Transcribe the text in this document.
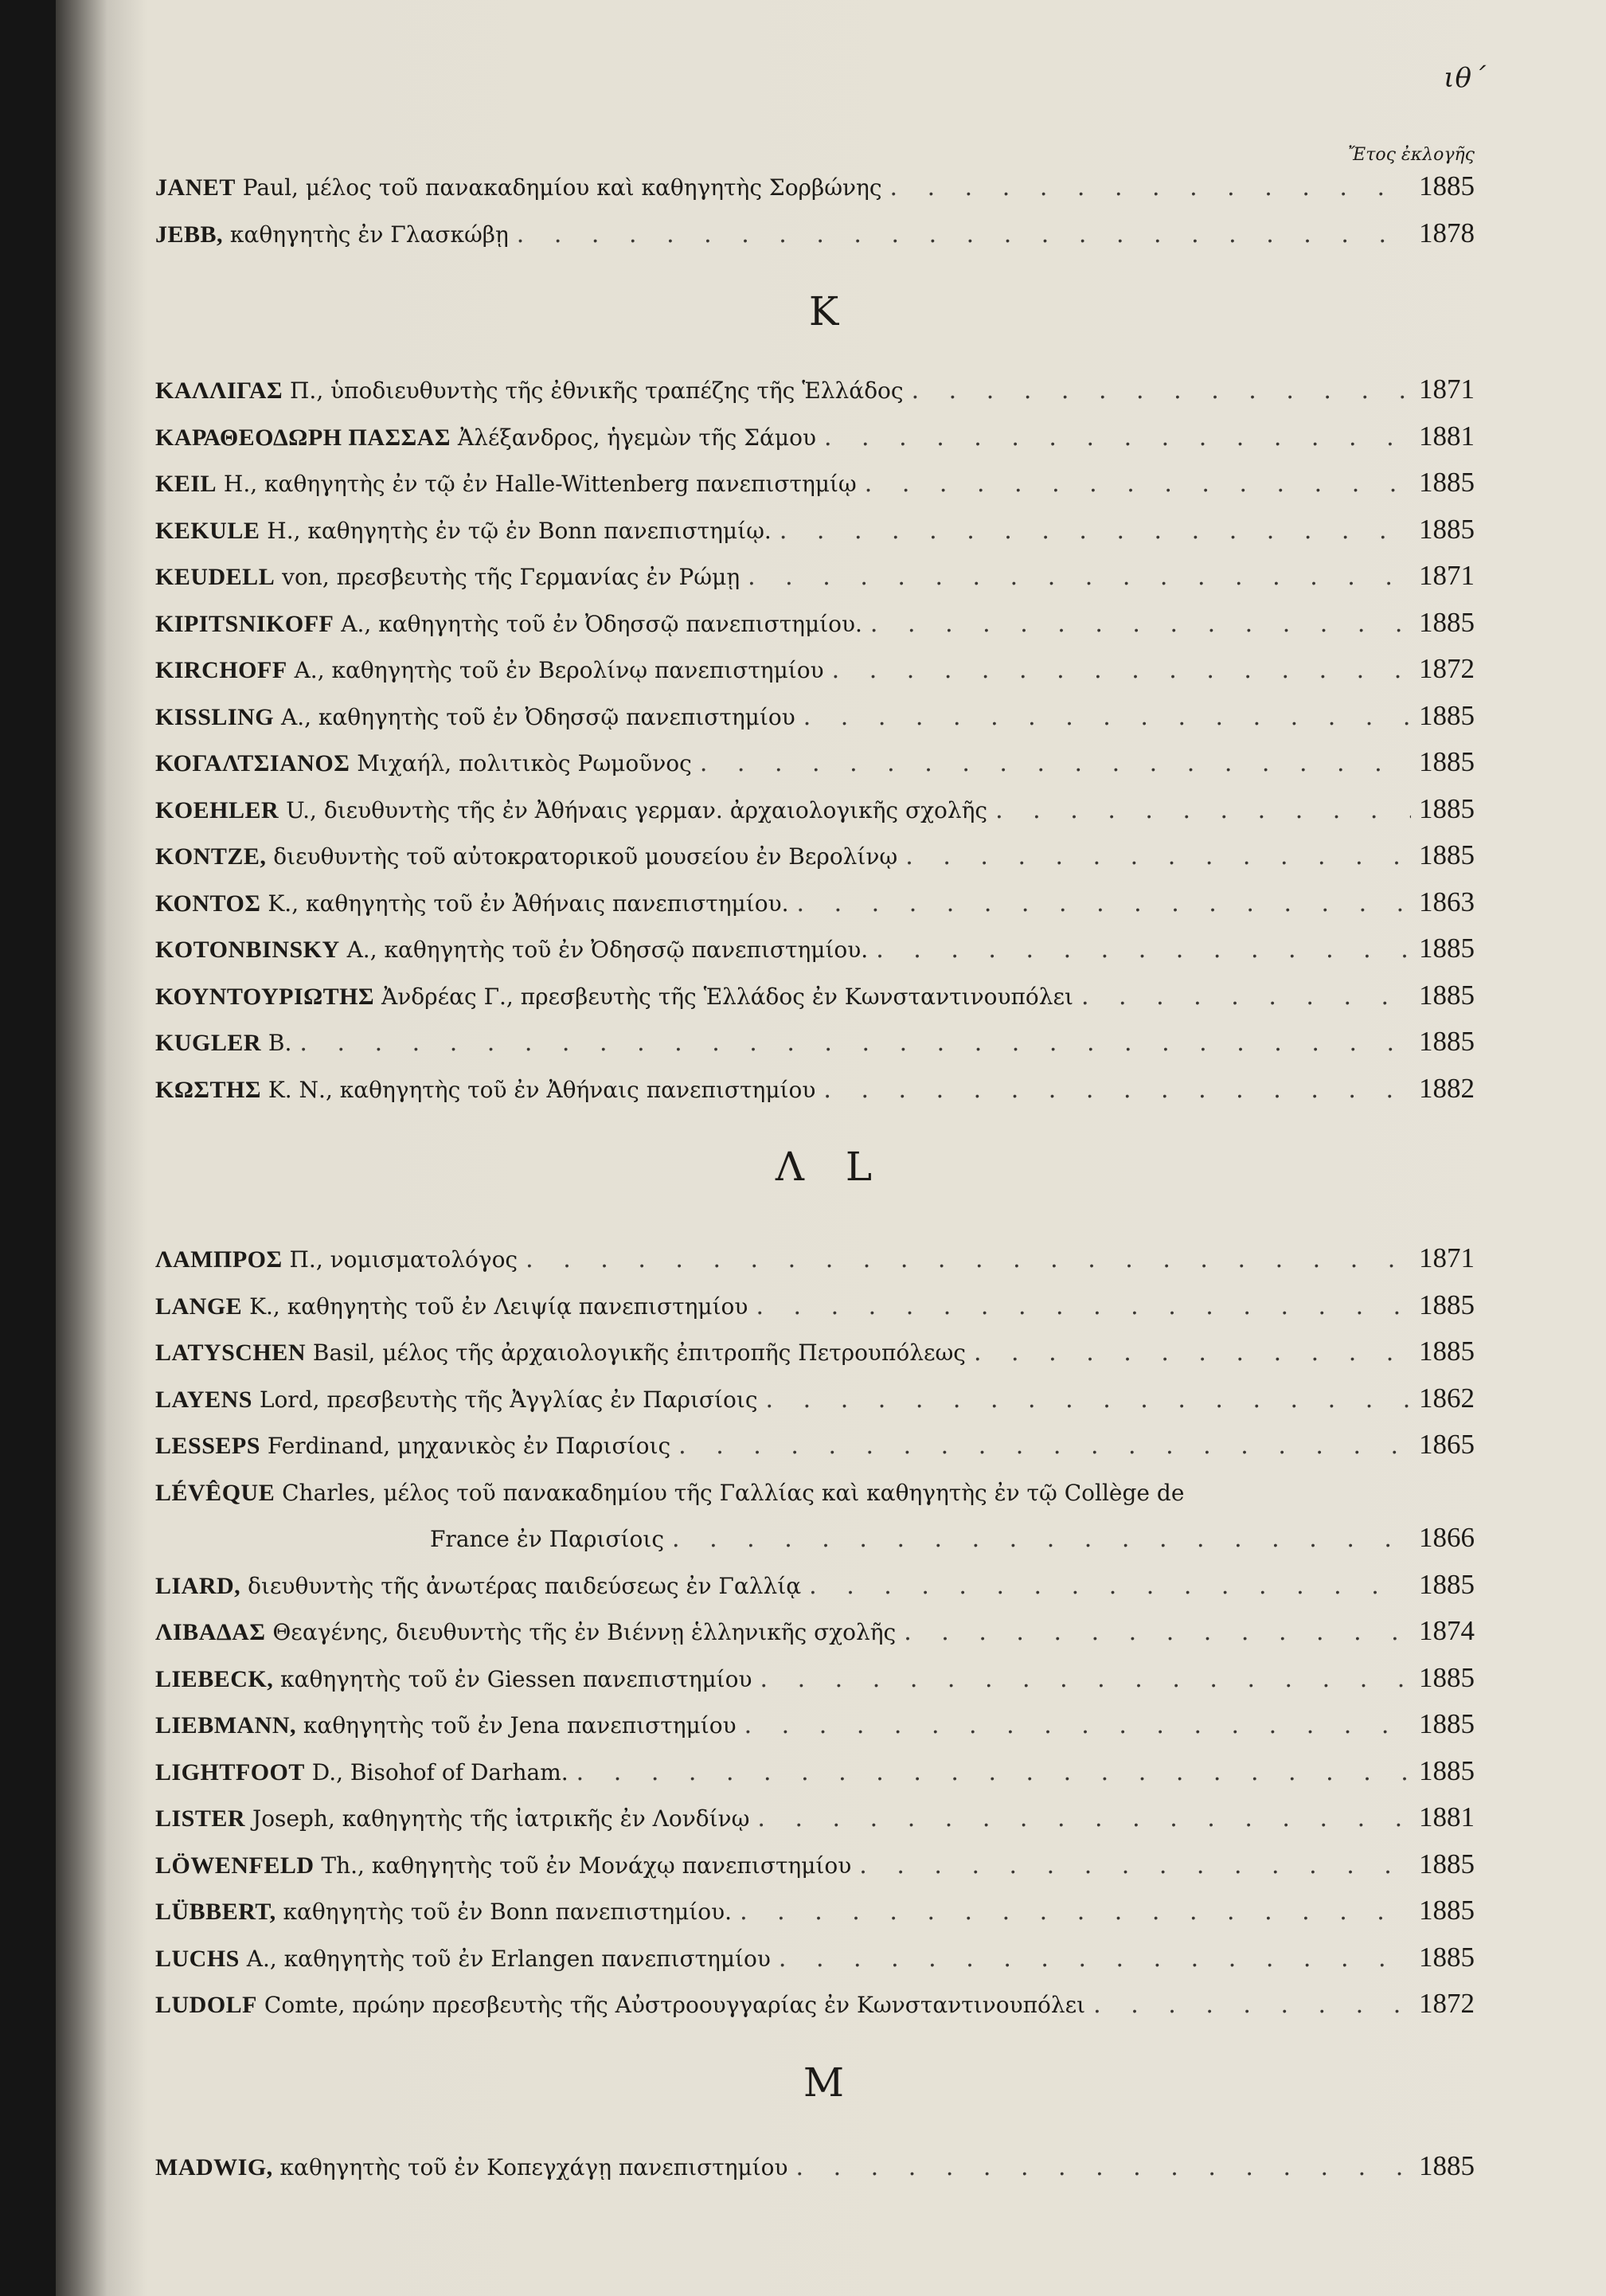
ιθ΄
Ἔτος ἐκλογῆς
JANET Paul, μέλος τοῦ πανακαδημίου καὶ καθηγητὴς Σορβώνης . . .	1885
JEBB, καθηγητὴς ἐν Γλασκώβῃ . . .	1878
K
ΚΑΛΛΙΓΑΣ Π., ὑποδιευθυντὴς τῆς ἐθνικῆς τραπέζης τῆς Ἑλλάδος . . .	1871
ΚΑΡΑΘΕΟΔΩΡΗ ΠΑΣΣΑΣ Ἀλέξανδρος, ἡγεμὼν τῆς Σάμου . . .	1881
KEIL H., καθηγητὴς ἐν τῷ ἐν Halle-Wittenberg πανεπιστημίῳ . . .	1885
KEKULE H., καθηγητὴς ἐν τῷ ἐν Bonn πανεπιστημίῳ. . . .	1885
KEUDELL von, πρεσβευτὴς τῆς Γερμανίας ἐν Ρώμῃ . . .	1871
KIPITSNIKOFF A., καθηγητὴς τοῦ ἐν Ὀδησσῷ πανεπιστημίου. . . .	1885
KIRCHOFF A., καθηγητὴς τοῦ ἐν Βερολίνῳ πανεπιστημίου . . .	1872
KISSLING A., καθηγητὴς τοῦ ἐν Ὀδησσῷ πανεπιστημίου . . .	1885
ΚΟΓΑΛΤΣΙΑΝΟΣ Μιχαήλ, πολιτικὸς Ρωμοῦνος . . .	1885
KOEHLER U., διευθυντὴς τῆς ἐν Ἀθήναις γερμαν. ἀρχαιολογικῆς σχολῆς . . .	1885
KONTZE, διευθυντὴς τοῦ αὐτοκρατορικοῦ μουσείου ἐν Βερολίνῳ . . .	1885
ΚΟΝΤΟΣ Κ., καθηγητὴς τοῦ ἐν Ἀθήναις πανεπιστημίου. . . .	1863
KOTONBINSKY A., καθηγητὴς τοῦ ἐν Ὀδησσῷ πανεπιστημίου. . . .	1885
ΚΟΥΝΤΟΥΡΙΩΤΗΣ Ἀνδρέας Γ., πρεσβευτὴς τῆς Ἑλλάδος ἐν Κωνσταντινουπόλει . . .	1885
KUGLER B. . . .	1885
ΚΩΣΤΗΣ Κ. Ν., καθηγητὴς τοῦ ἐν Ἀθήναις πανεπιστημίου . . .	1882
Λ L
ΛΑΜΠΡΟΣ Π., νομισματολόγος . . .	1871
LANGE K., καθηγητὴς τοῦ ἐν Λειψίᾳ πανεπιστημίου . . .	1885
LATYSCHEN Basil, μέλος τῆς ἀρχαιολογικῆς ἐπιτροπῆς Πετρουπόλεως . . .	1885
LAYENS Lord, πρεσβευτὴς τῆς Ἀγγλίας ἐν Παρισίοις . . .	1862
LESSEPS Ferdinand, μηχανικὸς ἐν Παρισίοις . . .	1865
LÉVÊQUE Charles, μέλος τοῦ πανακαδημίου τῆς Γαλλίας καὶ καθηγητὴς ἐν τῷ Collège de
France ἐν Παρισίοις . . .	1866
LIARD, διευθυντὴς τῆς ἀνωτέρας παιδεύσεως ἐν Γαλλίᾳ . . .	1885
ΛΙΒΑΔΑΣ Θεαγένης, διευθυντὴς τῆς ἐν Βιέννῃ ἑλληνικῆς σχολῆς . . .	1874
LIEBECK, καθηγητὴς τοῦ ἐν Giessen πανεπιστημίου . . .	1885
LIEBMANN, καθηγητὴς τοῦ ἐν Jena πανεπιστημίου . . .	1885
LIGHTFOOT D., Bisohof of Darham. . . .	1885
LISTER Joseph, καθηγητὴς τῆς ἰατρικῆς ἐν Λονδίνῳ . . .	1881
LÖWENFELD Th., καθηγητὴς τοῦ ἐν Μονάχῳ πανεπιστημίου . . .	1885
LÜBBERT, καθηγητὴς τοῦ ἐν Bonn πανεπιστημίου. . . .	1885
LUCHS A., καθηγητὴς τοῦ ἐν Erlangen πανεπιστημίου . . .	1885
LUDOLF Comte, πρώην πρεσβευτὴς τῆς Αὐστροουγγαρίας ἐν Κωνσταντινουπόλει . . .	1872
M
MADWIG, καθηγητὴς τοῦ ἐν Κοπεγχάγῃ πανεπιστημίου . . .	1885
